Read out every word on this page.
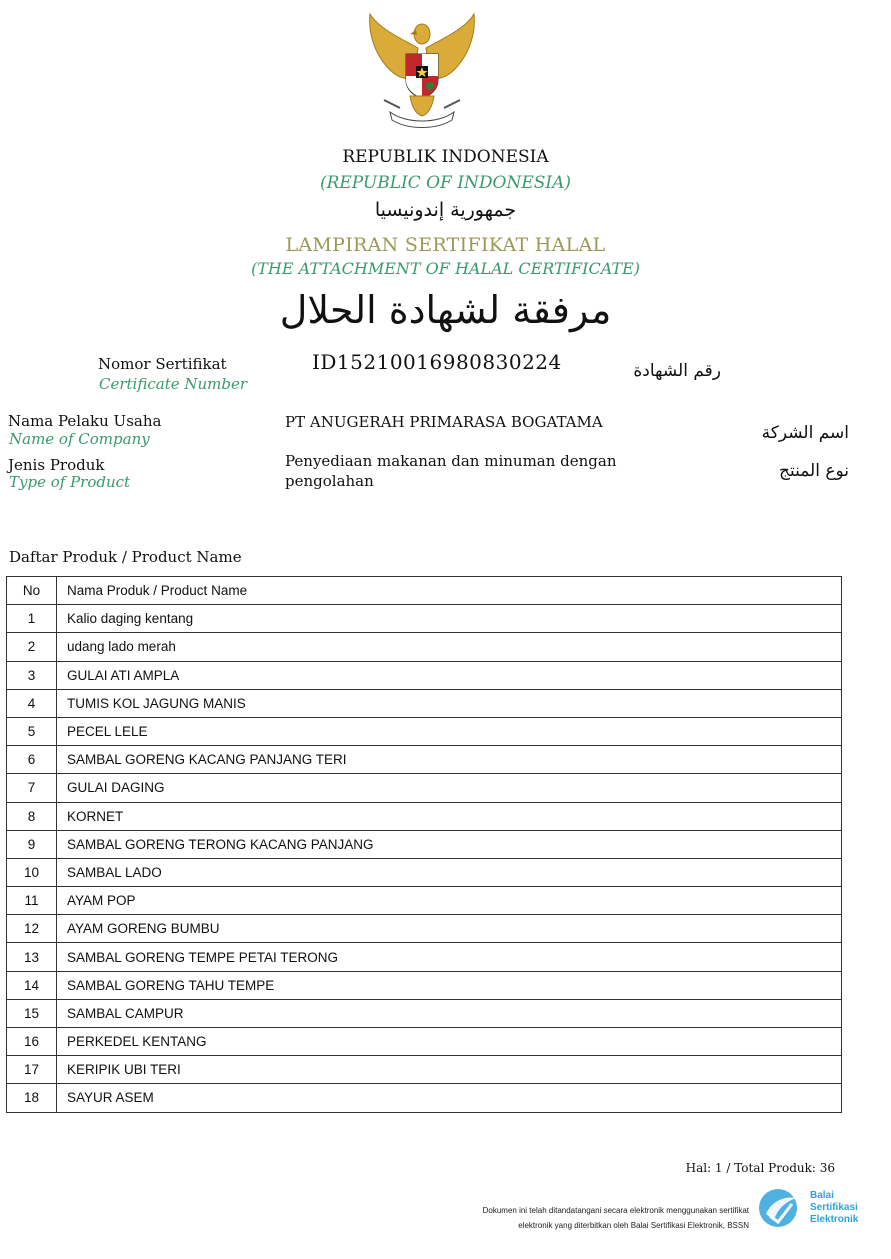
REPUBLIK INDONESIA
(REPUBLIC OF INDONESIA)
جمهورية إندونيسيا
LAMPIRAN SERTIFIKAT HALAL
(THE ATTACHMENT OF HALAL CERTIFICATE)
مرفقة لشهادة الحلال
Nomor Sertifikat
Certificate Number
ID15210016980830224	رقم الشهادة
Nama Pelaku Usaha
Name of Company
PT ANUGERAH PRIMARASA BOGATAMA
اسم الشركة
Jenis Produk
Type of Product
Penyediaan makanan dan minuman dengan
pengolahan	نوع المنتج
Daftar Produk / Product Name
No	Nama Produk / Product Name
1	Kalio daging kentang
2	udang lado merah
3	GULAI ATI AMPLA
4	TUMIS KOL JAGUNG MANIS
5	PECEL LELE
6	SAMBAL GORENG KACANG PANJANG TERI
7	GULAI DAGING
8	KORNET
9	SAMBAL GORENG TERONG KACANG PANJANG
10	SAMBAL LADO
11	AYAM POP
12	AYAM GORENG BUMBU
13	SAMBAL GORENG TEMPE PETAI TERONG
14	SAMBAL GORENG TAHU TEMPE
15	SAMBAL CAMPUR
16	PERKEDEL KENTANG
17	KERIPIK UBI TERI
18	SAYUR ASEM
Hal: 1 / Total Produk: 36
Dokumen ini telah ditandatangani secara elektronik menggunakan sertifikat
elektronik yang diterbitkan oleh Balai Sertifikasi Elektronik, BSSN
Balai
Sertifikasi
Elektronik
